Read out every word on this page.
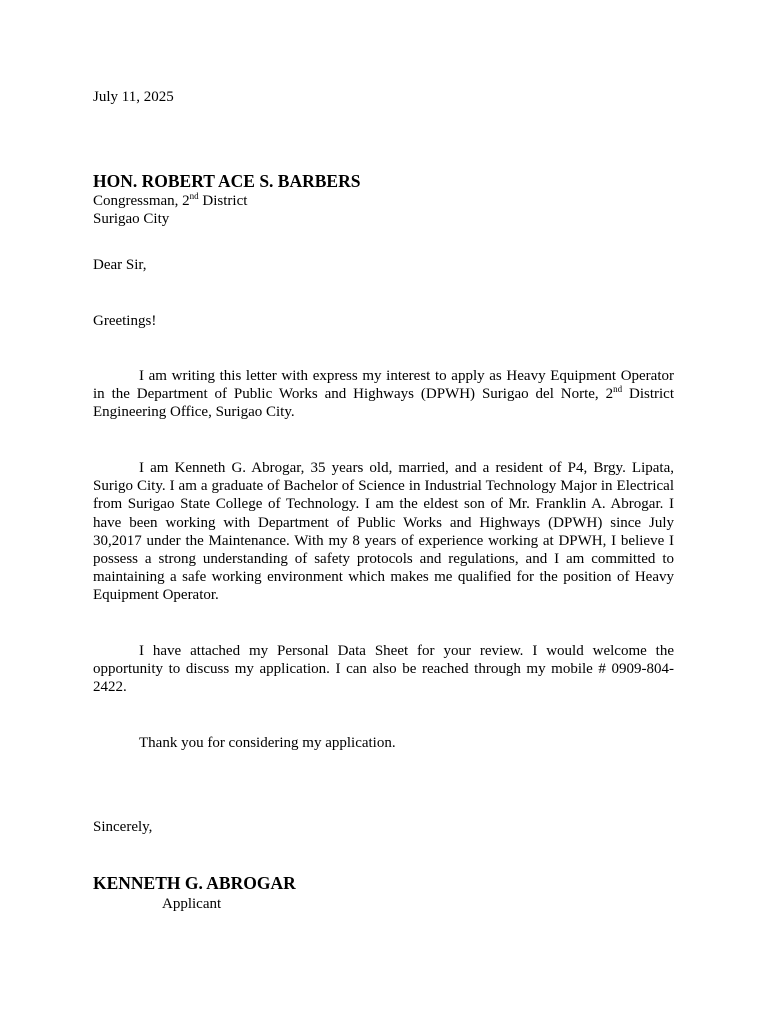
July 11, 2025
HON. ROBERT ACE S. BARBERS
Congressman, 2nd District
Surigao City
Dear Sir,
Greetings!
I am writing this letter with express my interest to apply as Heavy Equipment Operator in the Department of Public Works and Highways (DPWH) Surigao del Norte, 2nd District Engineering Office, Surigao City.
I am Kenneth G. Abrogar, 35 years old, married, and a resident of P4, Brgy. Lipata, Surigo City. I am a graduate of Bachelor of Science in Industrial Technology Major in Electrical from Surigao State College of Technology. I am the eldest son of Mr. Franklin A. Abrogar. I have been working with Department of Public Works and Highways (DPWH) since July 30,2017 under the Maintenance. With my 8 years of experience working at DPWH, I believe I possess a strong understanding of safety protocols and regulations, and I am committed to maintaining a safe working environment which makes me qualified for the position of Heavy Equipment Operator.
I have attached my Personal Data Sheet for your review. I would welcome the opportunity to discuss my application. I can also be reached through my mobile # 0909-804-2422.
Thank you for considering my application.
Sincerely,
KENNETH G. ABROGAR
Applicant
